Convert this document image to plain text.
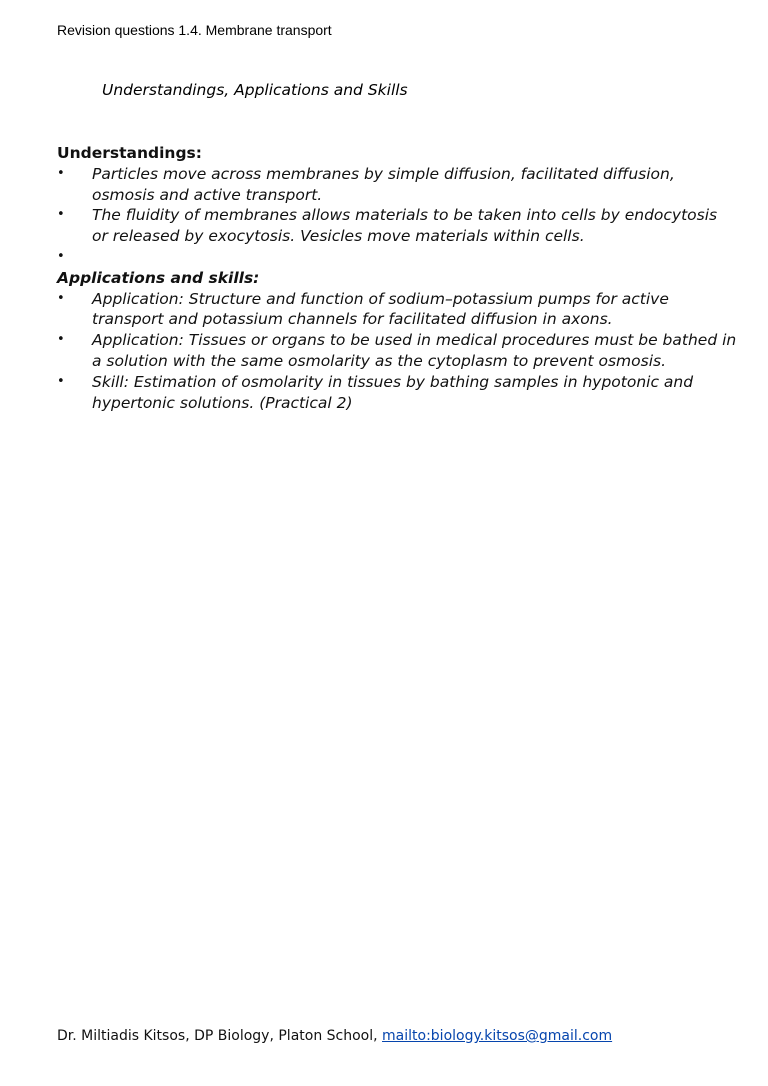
Revision questions 1.4. Membrane transport
Understandings, Applications and Skills
Understandings:
• Particles move across membranes by simple diffusion, facilitated diffusion, osmosis and active transport.
• The fluidity of membranes allows materials to be taken into cells by endocytosis or released by exocytosis. Vesicles move materials within cells.
•

Applications and skills:
• Application: Structure and function of sodium–potassium pumps for active transport and potassium channels for facilitated diffusion in axons.
• Application: Tissues or organs to be used in medical procedures must be bathed in a solution with the same osmolarity as the cytoplasm to prevent osmosis.
• Skill: Estimation of osmolarity in tissues by bathing samples in hypotonic and hypertonic solutions. (Practical 2)
Dr. Miltiadis Kitsos, DP Biology, Platon School, mailto:biology.kitsos@gmail.com
